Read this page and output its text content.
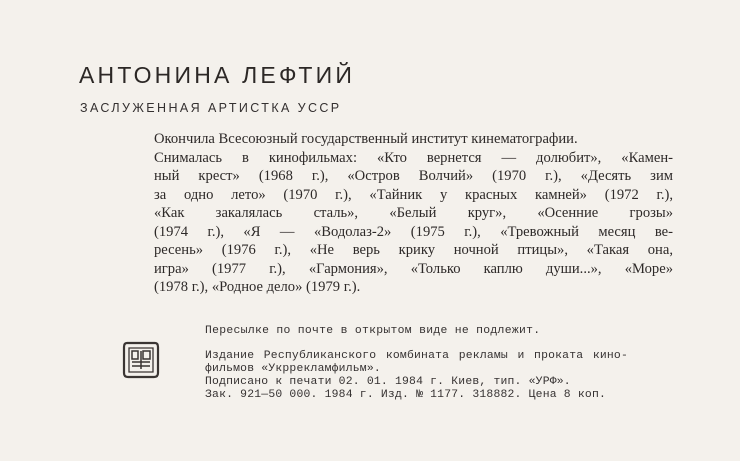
АНТОНИНА ЛЕФТИЙ
ЗАСЛУЖЕННАЯ АРТИСТКА УССР
Окончила Всесоюзный государственный институт кинематографии.
Снималась в кинофильмах: «Кто вернется — долюбит», «Камен-
ный крест» (1968 г.), «Остров Волчий» (1970 г.), «Десять зим
за одно лето» (1970 г.), «Тайник у красных камней» (1972 г.),
«Как закалялась сталь», «Белый круг», «Осенние грозы»
(1974 г.), «Я — «Водолаз-2» (1975 г.), «Тревожный месяц ве-
ресень» (1976 г.), «Не верь крику ночной птицы», «Такая она,
игра» (1977 г.), «Гармония», «Только каплю души...», «Море»
(1978 г.), «Родное дело» (1979 г.).
Пересылке по почте в открытом виде не подлежит.
Издание Республиканского комбината рекламы и проката кино-
фильмов «Укррекламфильм».
Подписано к печати 02. 01. 1984 г. Киев, тип. «УРФ».
Зак. 921—50 000. 1984 г. Изд. № 1177. 318882. Цена 8 коп.
